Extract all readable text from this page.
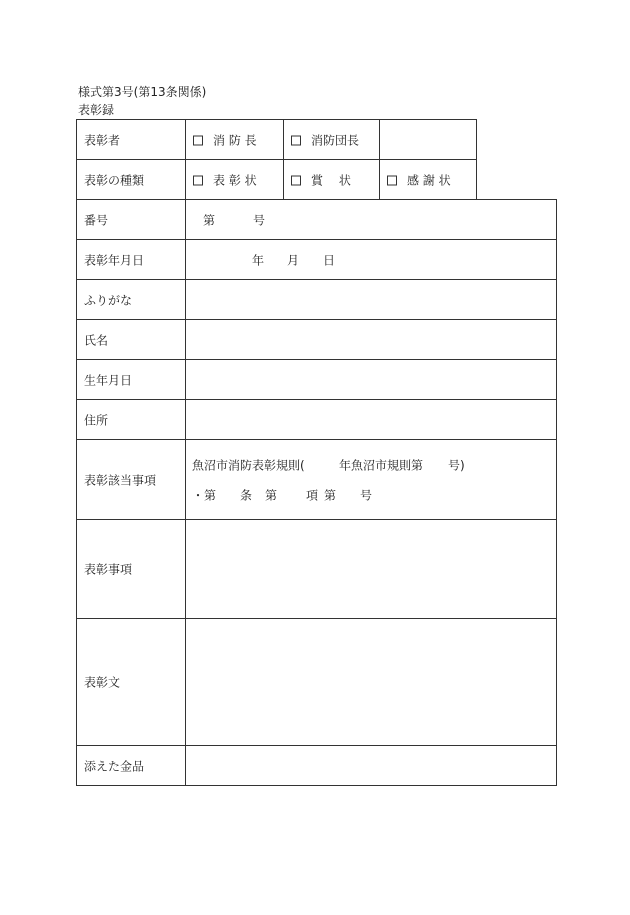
様式第3号(第13条関係)
表彰録
表彰者	消 防 長	消防団長
表彰の種類	表 彰 状	賞　 状	感 謝 状
番号	第	号
表彰年月日	年 月 日
ふりがな
氏名
生年月日
住所
表彰該当事項
魚沼市消防表彰規則(	年魚沼市規則第 号)
・第 条 第 項 第 号
表彰事項
表彰文
添えた金品
